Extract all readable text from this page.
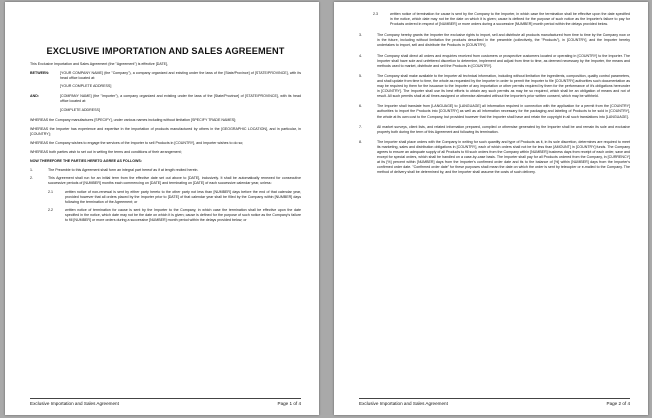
EXCLUSIVE IMPORTATION AND SALES AGREEMENT

This Exclusive Importation and Sales Agreement (the "Agreement") is effective [DATE],

BETWEEN:	[YOUR COMPANY NAME] (the "Company"), a company organized and existing under the laws of the [State/Province] of [STATE/PROVINCE], with its head office located at:
[YOUR COMPLETE ADDRESS]
AND:	[COMPANY NAME] (the "Importer"), a company organized and existing under the laws of the [State/Province] of [STATE/PROVINCE], with its head office located at:
[COMPLETE ADDRESS]

WHEREAS the Company manufactures [SPECIFY], under various names including without limitation [SPECIFY TRADE NAMES];

WHEREAS the Importer has experience and expertise in the importation of products manufactured by others in the [GEOGRAPHIC LOCATION], and in particular, in [COUNTRY];

WHEREAS the Company wishes to engage the services of the Importer to sell Products in [COUNTRY], and Importer wishes to do so;

WHEREAS both parties wish to set out in writing the terms and conditions of their arrangement;

NOW THEREFORE THE PARTIES HERETO AGREE AS FOLLOWS:
1.	The Preamble to this Agreement shall form an integral part hereof as if at length recited herein.
2.	This Agreement shall run for an initial term from the effective date set out above to [DATE], inclusively. It shall be automatically renewed for consecutive successive periods of [NUMBER] months each commencing on [DATE] and terminating on [DATE] of each successive calendar year, unless:
2.1	written notice of non-renewal is sent by either party hereto to the other party not less than [NUMBER] days before the end of that calendar year, provided however that all orders placed by the Importer prior to [DATE] of that calendar year shall be filled by the Company within [NUMBER] days following the termination of the Agreement; or
2.2	written notice of termination for cause is sent by the Importer to the Company, in which case the termination shall be effective upon the date specified in the notice, which date may not be the date on which it is given; cause is defined for the purpose of such notice as the Company's failure to fill [NUMBER] or more orders during a successive [NUMBER] month period within the delays provided below; or
Exclusive Importation and Sales Agreement	Page 1 of 4
2.3	written notice of termination for cause is sent by the Company to the Importer, in which case the termination shall be effective upon the date specified in the notice, which date may not be the date on which it is given; cause is defined for the purpose of such notice as the Importer's failure to pay for Products ordered in respect of [NUMBER] or more orders during a successive [NUMBER] month period within the delays provided below.
3.	The Company hereby grants the Importer the exclusive rights to import, sell and distribute all products manufactured from time to time by the Company now or in the future, including without limitation the products described in the preamble (collectively, the "Products"), in [COUNTRY], and the Importer hereby undertakes to import, sell and distribute the Products in [COUNTRY].
4.	The Company shall direct all orders and enquiries received from customers or prospective customers located or operating in [COUNTRY] to the Importer. The Importer shall have sole and unfettered discretion to determine, implement and adjust from time to time, as deemed necessary by the Importer, the means and methods used to market, distribute and sell the Products in [COUNTRY].
5.	The Company shall make available to the Importer all technical information, including without limitation the ingredients, composition, quality control parameters, and shall update from time to time, the whole as requested by the Importer in order to permit the Importer to file [COUNTRY] authorities such documentation as may be required by them for the issuance to the Importer of any importation or other permits required by them for the performance of it's obligations hereunder in [COUNTRY]. The Importer shall use its best efforts to obtain any such permits as may be so required, which shall be an obligation of means and not of result. All such permits shall at all times assigned or otherwise alienated without the Importer's prior written consent, which may be withheld.
6.	The Importer shall translate from [LANGUAGE] to [LANGUAGE] all information required in connection with the application for a permit from the [COUNTRY] authorities to import the Products into [COUNTRY] as well as all information necessary for the packaging and labeling of Products to be sold in [COUNTRY], the whole at its own cost to the Company, but provided however that the Importer shall have and retain the copyright in all such translations into [LANGUAGE].
7.	All market surveys, client lists, and related information prepared, compiled or otherwise generated by the Importer shall be and remain its sole and exclusive property both during the term of this Agreement and following its termination.
8.	The Importer shall place orders with the Company in writing for such quantity and type of Products as it, in its sole discretion, determines are required to meet its marketing, sales and distribution obligations in [COUNTRY], each of which orders shall not be for less than [AMOUNT] in [COUNTRY] funds. The Company agrees to ensure an adequate supply of all Products to fill such orders from the Company within [NUMBER] business days from receipt of each order, save and except for special orders, which shall be handled on a case-by-case basis. The Importer shall pay for all Products ordered from the Company, in [CURRENCY] at its [%] percent within [NUMBER] days from the Importer's confirmed order date and its to the balance of [%] within [NUMBER] days from the Importer's confirmed order date. "Confirmed order date" for these purposes shall mean the date on which the order is sent by telecopier or e-mailed to the Company. The method of delivery shall be determined by, and the Importer shall assume the costs of such delivery.
Exclusive Importation and Sales Agreement	Page 2 of 4
